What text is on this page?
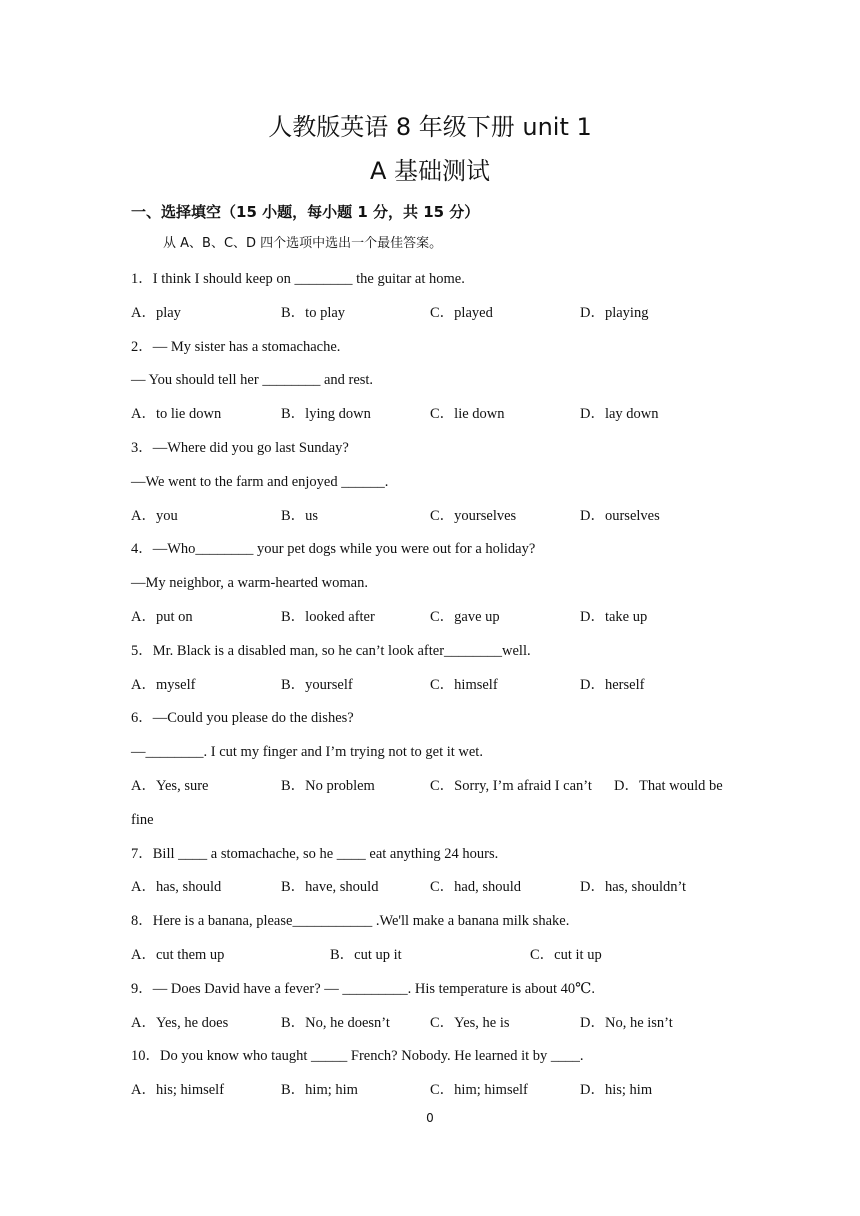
人教版英语 8 年级下册 unit 1
A 基础测试
一、选择填空（15 小题，每小题 1 分，共 15 分）
从 A、B、C、D 四个选项中选出一个最佳答案。
1．I think I should keep on ________ the guitar at home.
A．play	B．to play	C．played	D．playing
2．— My sister has a stomachache.
— You should tell her ________ and rest.
A．to lie down	B．lying down	C．lie down	D．lay down
3．—Where did you go last Sunday?
—We went to the farm and enjoyed ______.
A．you	B．us	C．yourselves	D．ourselves
4．—Who________ your pet dogs while you were out for a holiday?
—My neighbor, a warm-hearted woman.
A．put on	B．looked after	C．gave up	D．take up
5．Mr. Black is a disabled man, so he can’t look after________well.
A．myself	B．yourself	C．himself	D．herself
6．—Could you please do the dishes?
—________. I cut my finger and I’m trying not to get it wet.
A．Yes, sure	B．No problem	C．Sorry, I’m afraid I can’t D．That would be
fine
7．Bill ____ a stomachache, so he ____ eat anything 24 hours.
A．has, should	B．have, should	C．had, should	D．has, shouldn’t
8．Here is a banana, please___________ .We'll make a banana milk shake.
A．cut them up	B．cut up it	C．cut it up
9．— Does David have a fever? — _________. His temperature is about 40℃.
A．Yes, he does	B．No, he doesn’t	C．Yes, he is	D．No, he isn’t
10．Do you know who taught _____ French? Nobody. He learned it by ____.
A．his; himself	B．him; him	C．him; himself	D．his; him
0
